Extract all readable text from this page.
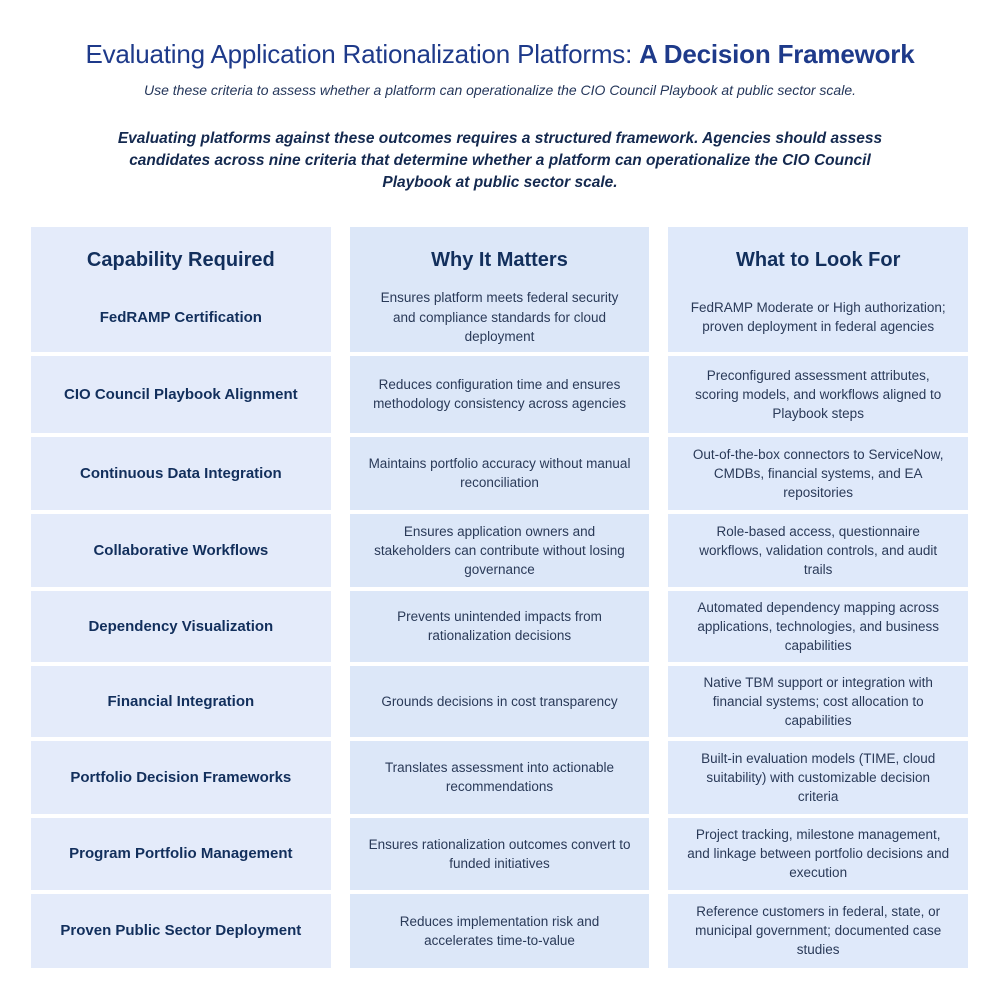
Evaluating Application Rationalization Platforms: A Decision Framework

Use these criteria to assess whether a platform can operationalize the CIO Council Playbook at public sector scale.

Evaluating platforms against these outcomes requires a structured framework. Agencies should assess candidates across nine criteria that determine whether a platform can operationalize the CIO Council Playbook at public sector scale.

Capability Required
FedRAMP Certification
CIO Council Playbook Alignment
Continuous Data Integration
Collaborative Workflows
Dependency Visualization
Financial Integration
Portfolio Decision Frameworks
Program Portfolio Management
Proven Public Sector Deployment
Why It Matters
Ensures platform meets federal security and compliance standards for cloud deployment
Reduces configuration time and ensures methodology consistency across agencies
Maintains portfolio accuracy without manual reconciliation
Ensures application owners and stakeholders can contribute without losing governance
Prevents unintended impacts from rationalization decisions
Grounds decisions in cost transparency
Translates assessment into actionable recommendations
Ensures rationalization outcomes convert to funded initiatives
Reduces implementation risk and accelerates time-to-value
What to Look For
FedRAMP Moderate or High authorization; proven deployment in federal agencies
Preconfigured assessment attributes, scoring models, and workflows aligned to Playbook steps
Out-of-the-box connectors to ServiceNow, CMDBs, financial systems, and EA repositories
Role-based access, questionnaire workflows, validation controls, and audit trails
Automated dependency mapping across applications, technologies, and business capabilities
Native TBM support or integration with financial systems; cost allocation to capabilities
Built-in evaluation models (TIME, cloud suitability) with customizable decision criteria
Project tracking, milestone management, and linkage between portfolio decisions and execution
Reference customers in federal, state, or municipal government; documented case studies
